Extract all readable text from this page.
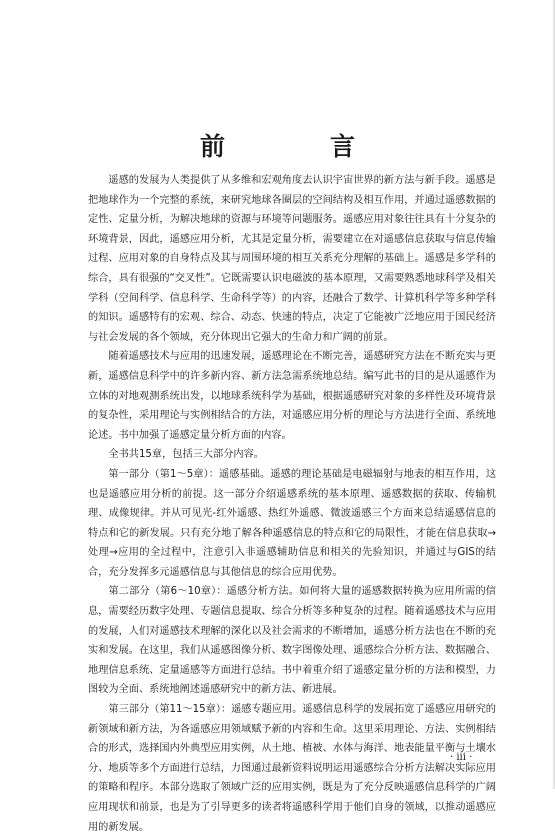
前　言

遥感的发展为人类提供了从多维和宏观角度去认识宇宙世界的新方法与新手段。遥感是把地球作为一个完整的系统，来研究地球各圈层的空间结构及相互作用，并通过遥感数据的定性、定量分析，为解决地球的资源与环境等问题服务。遥感应用对象往往具有十分复杂的环境背景，因此，遥感应用分析，尤其是定量分析，需要建立在对遥感信息获取与信息传输过程、应用对象的自身特点及其与周围环境的相互关系充分理解的基础上。遥感是多学科的综合，具有很强的“交叉性”。它既需要认识电磁波的基本原理，又需要熟悉地球科学及相关学科（空间科学、信息科学、生命科学等）的内容，还融合了数学、计算机科学等多种学科的知识。遥感特有的宏观、综合、动态、快速的特点，决定了它能被广泛地应用于国民经济与社会发展的各个领域，充分体现出它强大的生命力和广阔的前景。

随着遥感技术与应用的迅速发展，遥感理论在不断完善，遥感研究方法在不断充实与更新，遥感信息科学中的许多新内容、新方法急需系统地总结。编写此书的目的是从遥感作为立体的对地观测系统出发，以地球系统科学为基础，根据遥感研究对象的多样性及环境背景的复杂性，采用理论与实例相结合的方法，对遥感应用分析的理论与方法进行全面、系统地论述。书中加强了遥感定量分析方面的内容。

全书共15章，包括三大部分内容。

第一部分（第1～5章）：遥感基础。遥感的理论基础是电磁辐射与地表的相互作用，这也是遥感应用分析的前提。这一部分介绍遥感系统的基本原理、遥感数据的获取、传输机理、成像规律。并从可见光-红外遥感、热红外遥感、微波遥感三个方面来总结遥感信息的特点和它的新发展。只有充分地了解各种遥感信息的特点和它的局限性，才能在信息获取→处理→应用的全过程中，注意引入非遥感辅助信息和相关的先验知识，并通过与GIS的结合，充分发挥多元遥感信息与其他信息的综合应用优势。

第二部分（第6～10章）：遥感分析方法。如何将大量的遥感数据转换为应用所需的信息，需要经历数字处理、专题信息提取、综合分析等多种复杂的过程。随着遥感技术与应用的发展，人们对遥感技术理解的深化以及社会需求的不断增加，遥感分析方法也在不断的充实和发展。在这里，我们从遥感图像分析、数字图像处理、遥感综合分析方法、数据融合、地理信息系统、定量遥感等方面进行总结。书中着重介绍了遥感定量分析的方法和模型，力图较为全面、系统地阐述遥感研究中的新方法、新进展。

第三部分（第11～15章）：遥感专题应用。遥感信息科学的发展拓宽了遥感应用研究的新领域和新方法，为各遥感应用领域赋予新的内容和生命。这里采用理论、方法、实例相结合的形式，选择国内外典型应用实例，从土地、植被、水体与海洋、地表能量平衡与土壤水分、地质等多个方面进行总结，力图通过最新资料说明运用遥感综合分析方法解决实际应用的策略和程序。本部分选取了领域广泛的应用实例，既是为了充分反映遥感信息科学的广阔应用现状和前景，也是为了引导更多的读者将遥感科学用于他们自身的领域，以推动遥感应用的新发展。

· iii ·
